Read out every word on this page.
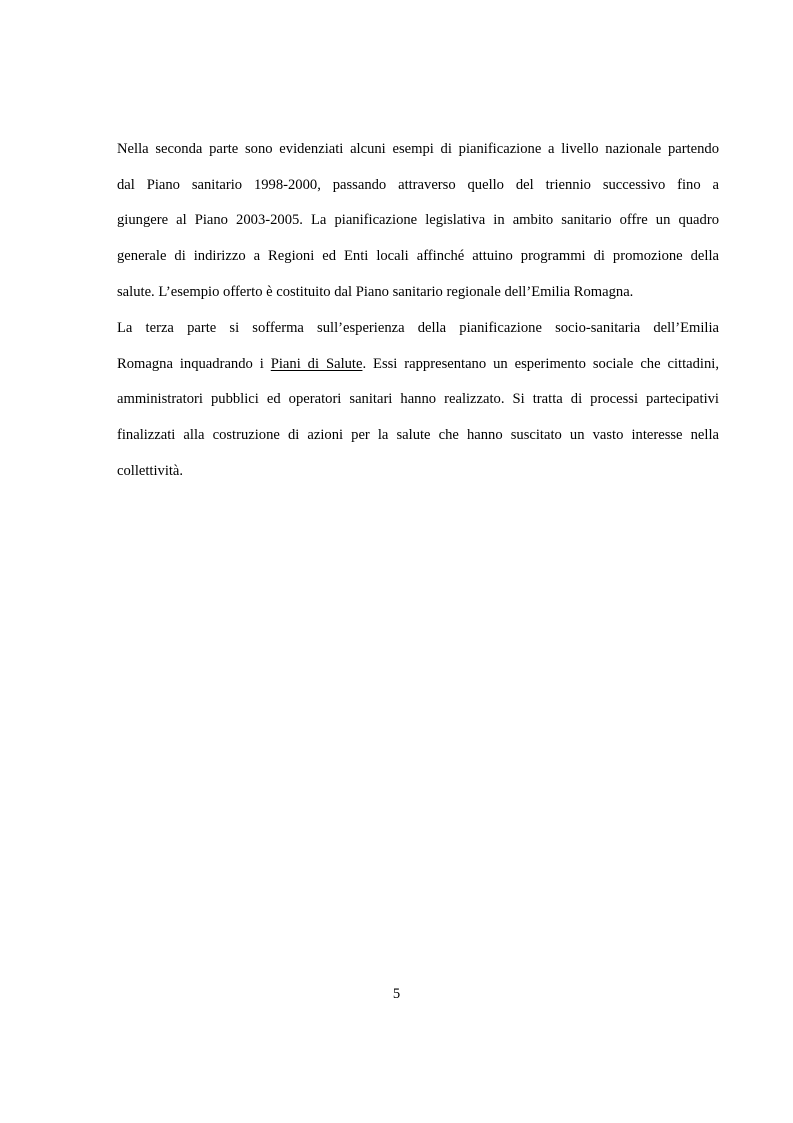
Nella seconda parte sono evidenziati alcuni esempi di pianificazione a livello nazionale partendo
dal Piano sanitario 1998-2000, passando attraverso quello del triennio successivo fino a
giungere al Piano 2003-2005. La pianificazione legislativa in ambito sanitario offre un quadro
generale di indirizzo a Regioni ed Enti locali affinché attuino programmi di promozione della
salute. L’esempio offerto è costituito dal Piano sanitario regionale dell’Emilia Romagna.
La terza parte si sofferma sull’esperienza della pianificazione socio-sanitaria dell’Emilia
Romagna inquadrando i Piani di Salute. Essi rappresentano un esperimento sociale che cittadini,
amministratori pubblici ed operatori sanitari hanno realizzato. Si tratta di processi partecipativi
finalizzati alla costruzione di azioni per la salute che hanno suscitato un vasto interesse nella
collettività.
5
